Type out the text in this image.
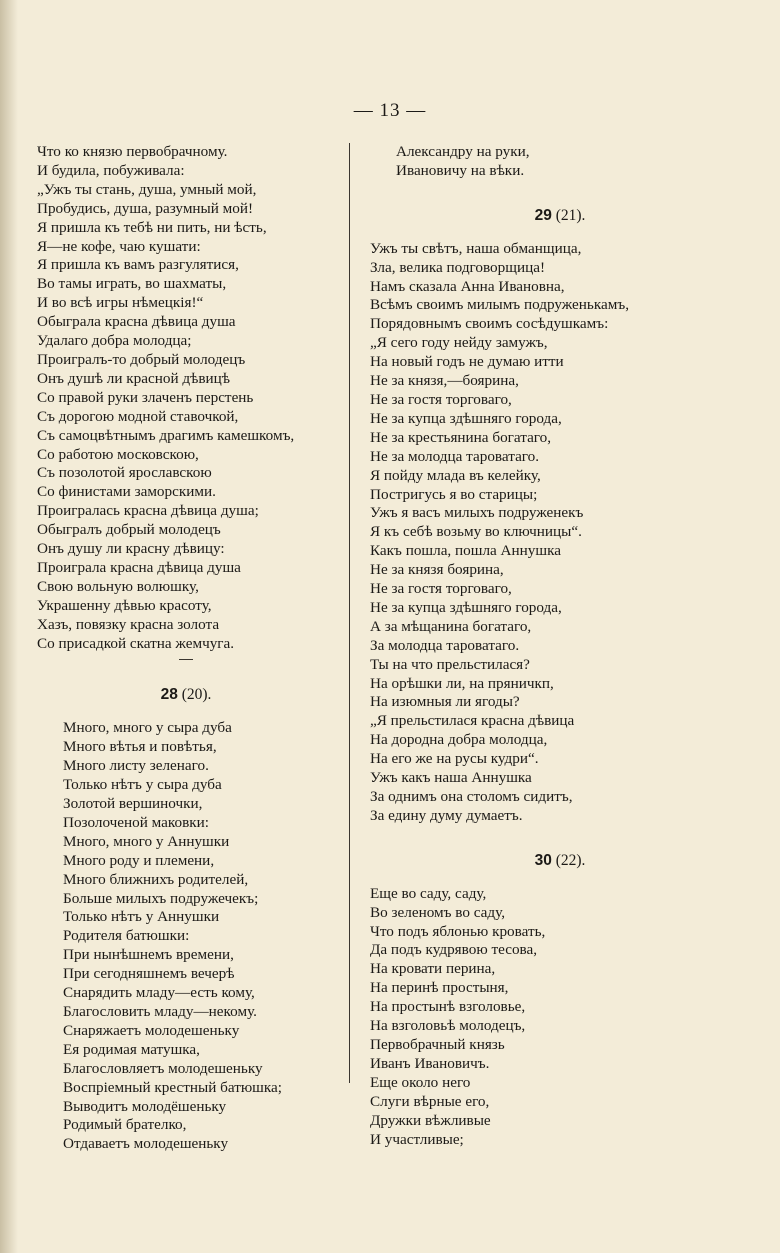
— 13 —
Что ко князю первобрачному.
И будила, побуживала:
„Ужъ ты стань, душа, умный мой,
Пробудись, душа, разумный мой!
Я пришла къ тебѣ ни пить, ни ѣсть,
Я—не кофе, чаю кушати:
Я пришла къ вамъ разгулятися,
Во тамы играть, во шахматы,
И во всѣ игры нѣмецкія!“
Обыграла красна дѣвица душа
Удалаго добра молодца;
Проигралъ-то добрый молодецъ
Онъ душѣ ли красной дѣвицѣ
Со правой руки злаченъ перстень
Съ дорогою модной ставочкой,
Съ самоцвѣтнымъ драгимъ камешкомъ,
Со работою московскою,
Съ позолотой ярославскою
Со финистами заморскими.
Проигралась красна дѣвица душа;
Обыгралъ добрый молодецъ
Онъ душу ли красну дѣвицу:
Проиграла красна дѣвица душа
Свою вольную волюшку,
Украшенну дѣвью красоту,
Хазъ, повязку красна золота
Со присадкой скатна жемчуга.
28 (20).
Много, много у сыра дуба
Много вѣтья и повѣтья,
Много листу зеленаго.
Только нѣтъ у сыра дуба
Золотой вершиночки,
Позолоченой маковки:
Много, много у Аннушки
Много роду и племени,
Много ближнихъ родителей,
Больше милыхъ подружечекъ;
Только нѣтъ у Аннушки
Родителя батюшки:
При нынѣшнемъ времени,
При сегодняшнемъ вечерѣ
Снарядить младу—есть кому,
Благословить младу—некому.
Снаряжаетъ молодешеньку
Ея родимая матушка,
Благословляетъ молодешеньку
Воспріемный крестный батюшка;
Выводитъ молодёшеньку
Родимый брателко,
Отдаваетъ молодешеньку
Александру на руки,
Ивановичу на вѣки.
29 (21).
Ужъ ты свѣтъ, наша обманщица,
Зла, велика подговорщица!
Намъ сказала Анна Ивановна,
Всѣмъ своимъ милымъ подруженькамъ,
Порядовнымъ своимъ сосѣдушкамъ:
„Я сего году нейду замужъ,
На новый годъ не думаю итти
Не за князя,—боярина,
Не за гостя торговаго,
Не за купца здѣшняго города,
Не за крестьянина богатаго,
Не за молодца тароватаго.
Я пойду млада въ келейку,
Постригусь я во старицы;
Ужъ я васъ милыхъ подруженекъ
Я къ себѣ возьму во ключницы“.
Какъ пошла, пошла Аннушка
Не за князя боярина,
Не за гостя торговаго,
Не за купца здѣшняго города,
А за мѣщанина богатаго,
За молодца тароватаго.
Ты на что прельстилася?
На орѣшки ли, на пряничкп,
На изюмныя ли ягоды?
„Я прельстилася красна дѣвица
На дородна добра молодца,
На его же на русы кудри“.
Ужъ какъ наша Аннушка
За однимъ она столомъ сидитъ,
За едину думу думаетъ.
30 (22).
Еще во саду, саду,
Во зеленомъ во саду,
Что подъ яблонью кровать,
Да подъ кудрявою тесова,
На кровати перина,
На перинѣ простыня,
На простынѣ взголовье,
На взголовьѣ молодецъ,
Первобрачный князь
Иванъ Ивановичъ.
Еще около него
Слуги вѣрные его,
Дружки вѣжливые
И участливые;
